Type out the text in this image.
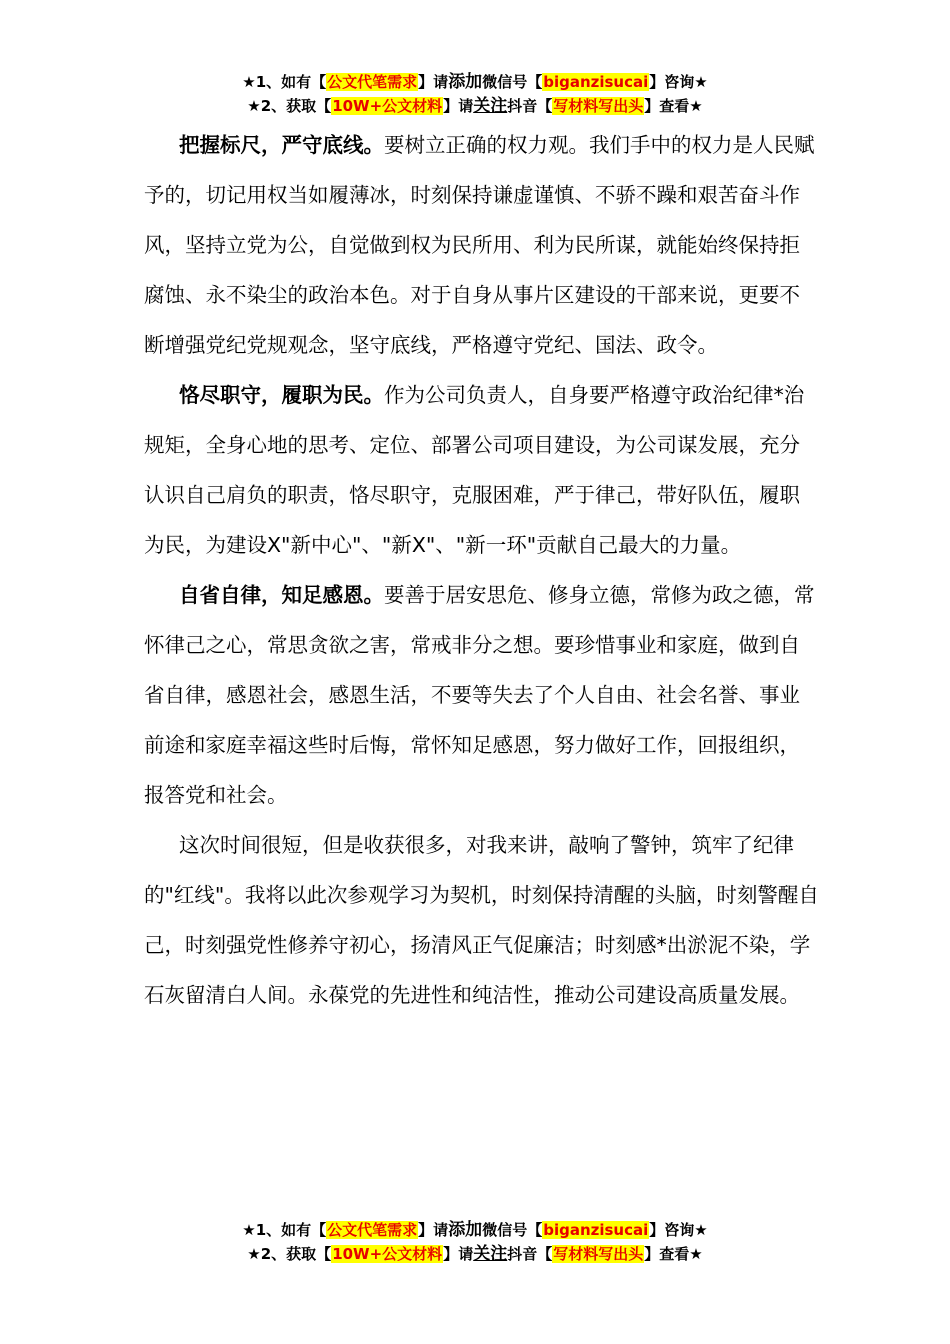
★1、如有【公文代笔需求】请添加微信号【biganzisucai】咨询★
★2、获取【10W+公文材料】请关注抖音【写材料写出头】查看★

把握标尺，严守底线。要树立正确的权力观。我们手中的权力是人民赋予的，切记用权当如履薄冰，时刻保持谦虚谨慎、不骄不躁和艰苦奋斗作风，坚持立党为公，自觉做到权为民所用、利为民所谋，就能始终保持拒腐蚀、永不染尘的政治本色。对于自身从事片区建设的干部来说，更要不断增强党纪党规观念，坚守底线，严格遵守党纪、国法、政令。

恪尽职守，履职为民。作为公司负责人，自身要严格遵守政治纪律*治规矩，全身心地的思考、定位、部署公司项目建设，为公司谋发展，充分认识自己肩负的职责，恪尽职守，克服困难，严于律己，带好队伍，履职为民，为建设X"新中心"、"新X"、"新一环"贡献自己最大的力量。

自省自律，知足感恩。要善于居安思危、修身立德，常修为政之德，常怀律己之心，常思贪欲之害，常戒非分之想。要珍惜事业和家庭，做到自省自律，感恩社会，感恩生活，不要等失去了个人自由、社会名誉、事业前途和家庭幸福这些时后悔，常怀知足感恩，努力做好工作，回报组织，报答党和社会。

这次时间很短，但是收获很多，对我来讲，敲响了警钟，筑牢了纪律的"红线"。我将以此次参观学习为契机，时刻保持清醒的头脑，时刻警醒自己，时刻强党性修养守初心，扬清风正气促廉洁；时刻感*出淤泥不染，学石灰留清白人间。永葆党的先进性和纯洁性，推动公司建设高质量发展。

★1、如有【公文代笔需求】请添加微信号【biganzisucai】咨询★
★2、获取【10W+公文材料】请关注抖音【写材料写出头】查看★
